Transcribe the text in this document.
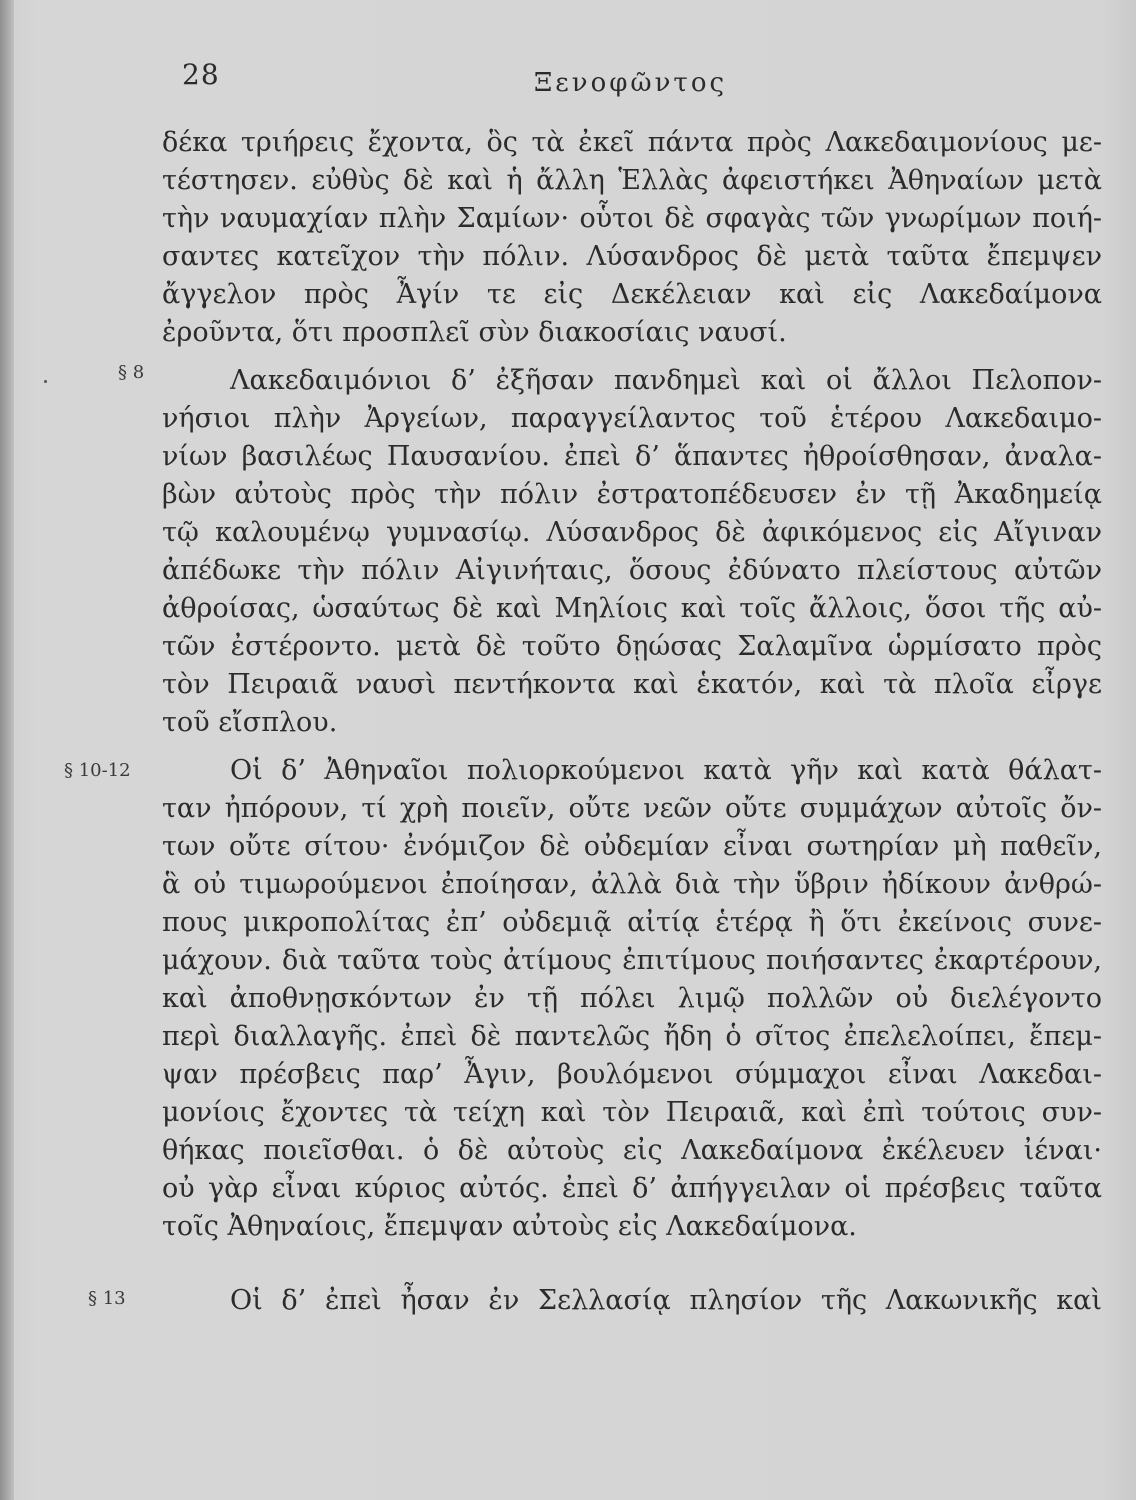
28	Ξενοφῶντος
§ 8
§ 10-12
§ 13
δέκα τριήρεις ἔχοντα, ὃς τὰ ἐκεῖ πάντα πρὸς Λακεδαιμονίους με-
τέστησεν. εὐθὺς δὲ καὶ ἡ ἄλλη Ἑλλὰς ἀφειστήκει Ἀθηναίων μετὰ
τὴν ναυμαχίαν πλὴν Σαμίων· οὗτοι δὲ σφαγὰς τῶν γνωρίμων ποιή-
σαντες κατεῖχον τὴν πόλιν. Λύσανδρος δὲ μετὰ ταῦτα ἔπεμψεν
ἄγγελον πρὸς Ἆγίν τε εἰς Δεκέλειαν καὶ εἰς Λακεδαίμονα
ἐροῦντα, ὅτι προσπλεῖ σὺν διακοσίαις ναυσί.
Λακεδαιμόνιοι δ’ ἐξῆσαν πανδημεὶ καὶ οἱ ἄλλοι Πελοπον-
νήσιοι πλὴν Ἀργείων, παραγγείλαντος τοῦ ἑτέρου Λακεδαιμο-
νίων βασιλέως Παυσανίου. ἐπεὶ δ’ ἅπαντες ἠθροίσθησαν, ἀναλα-
βὼν αὐτοὺς πρὸς τὴν πόλιν ἐστρατοπέδευσεν ἐν τῇ Ἀκαδημείᾳ
τῷ καλουμένῳ γυμνασίῳ. Λύσανδρος δὲ ἀφικόμενος εἰς Αἴγιναν
ἀπέδωκε τὴν πόλιν Αἰγινήταις, ὅσους ἐδύνατο πλείστους αὐτῶν
ἀθροίσας, ὡσαύτως δὲ καὶ Μηλίοις καὶ τοῖς ἄλλοις, ὅσοι τῆς αὐ-
τῶν ἐστέροντο. μετὰ δὲ τοῦτο δῃώσας Σαλαμῖνα ὡρμίσατο πρὸς
τὸν Πειραιᾶ ναυσὶ πεντήκοντα καὶ ἑκατόν, καὶ τὰ πλοῖα εἶργε
τοῦ εἴσπλου.
Οἱ δ’ Ἀθηναῖοι πολιορκούμενοι κατὰ γῆν καὶ κατὰ θάλατ-
ταν ἠπόρουν, τί χρὴ ποιεῖν, οὔτε νεῶν οὔτε συμμάχων αὐτοῖς ὄν-
των οὔτε σίτου· ἐνόμιζον δὲ οὐδεμίαν εἶναι σωτηρίαν μὴ παθεῖν,
ἃ οὐ τιμωρούμενοι ἐποίησαν, ἀλλὰ διὰ τὴν ὕβριν ἠδίκουν ἀνθρώ-
πους μικροπολίτας ἐπ’ οὐδεμιᾷ αἰτίᾳ ἑτέρᾳ ἢ ὅτι ἐκείνοις συνε-
μάχουν. διὰ ταῦτα τοὺς ἀτίμους ἐπιτίμους ποιήσαντες ἐκαρτέρουν,
καὶ ἀποθνῃσκόντων ἐν τῇ πόλει λιμῷ πολλῶν οὐ διελέγοντο
περὶ διαλλαγῆς. ἐπεὶ δὲ παντελῶς ἤδη ὁ σῖτος ἐπελελοίπει, ἔπεμ-
ψαν πρέσβεις παρ’ Ἆγιν, βουλόμενοι σύμμαχοι εἶναι Λακεδαι-
μονίοις ἔχοντες τὰ τείχη καὶ τὸν Πειραιᾶ, καὶ ἐπὶ τούτοις συν-
θήκας ποιεῖσθαι. ὁ δὲ αὐτοὺς εἰς Λακεδαίμονα ἐκέλευεν ἰέναι·
οὐ γὰρ εἶναι κύριος αὐτός. ἐπεὶ δ’ ἀπήγγειλαν οἱ πρέσβεις ταῦτα
τοῖς Ἀθηναίοις, ἔπεμψαν αὐτοὺς εἰς Λακεδαίμονα.
Οἱ δ’ ἐπεὶ ἦσαν ἐν Σελλασίᾳ πλησίον τῆς Λακωνικῆς καὶ
